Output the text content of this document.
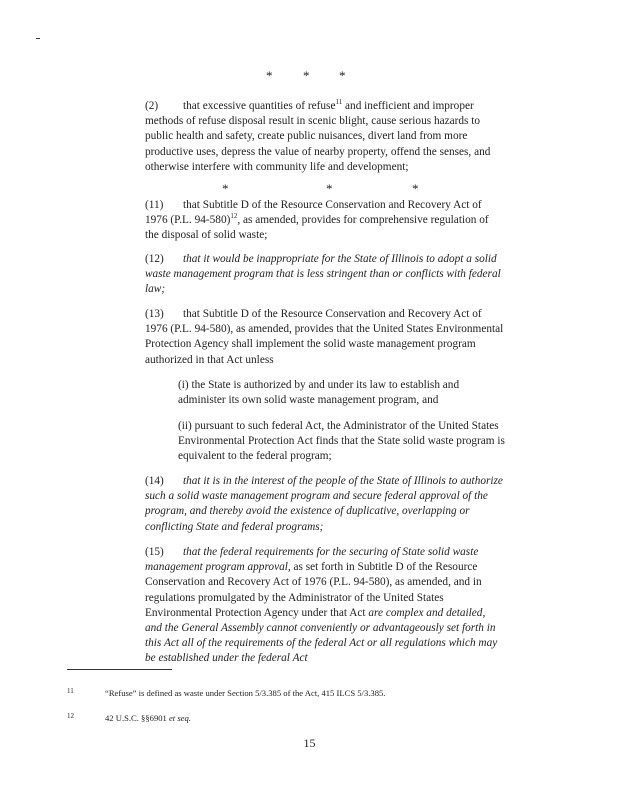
* * *
(2) that excessive quantities of refuse$^{11}$ and inefficient and improper methods of refuse disposal result in scenic blight, cause serious hazards to public health and safety, create public nuisances, divert land from more productive uses, depress the value of nearby property, offend the senses, and otherwise interfere with community life and development;
*	*	*
(11) that Subtitle D of the Resource Conservation and Recovery Act of 1976 (P.L. 94-580)$^{12}$, as amended, provides for comprehensive regulation of the disposal of solid waste;
(12) that it would be inappropriate for the State of Illinois to adopt a solid waste management program that is less stringent than or conflicts with federal law;
(13) that Subtitle D of the Resource Conservation and Recovery Act of 1976 (P.L. 94-580), as amended, provides that the United States Environmental Protection Agency shall implement the solid waste management program authorized in that Act unless
(i) the State is authorized by and under its law to establish and administer its own solid waste management program, and
(ii) pursuant to such federal Act, the Administrator of the United States Environmental Protection Act finds that the State solid waste program is equivalent to the federal program;
(14) that it is in the interest of the people of the State of Illinois to authorize such a solid waste management program and secure federal approval of the program, and thereby avoid the existence of duplicative, overlapping or conflicting State and federal programs;
(15) that the federal requirements for the securing of State solid waste management program approval, as set forth in Subtitle D of the Resource Conservation and Recovery Act of 1976 (P.L. 94-580), as amended, and in regulations promulgated by the Administrator of the United States Environmental Protection Agency under that Act are complex and detailed, and the General Assembly cannot conveniently or advantageously set forth in this Act all of the requirements of the federal Act or all regulations which may be established under the federal Act
11	“Refuse” is defined as waste under Section 5/3.385 of the Act, 415 ILCS 5/3.385.
12	42 U.S.C. §§6901 et seq.
15
